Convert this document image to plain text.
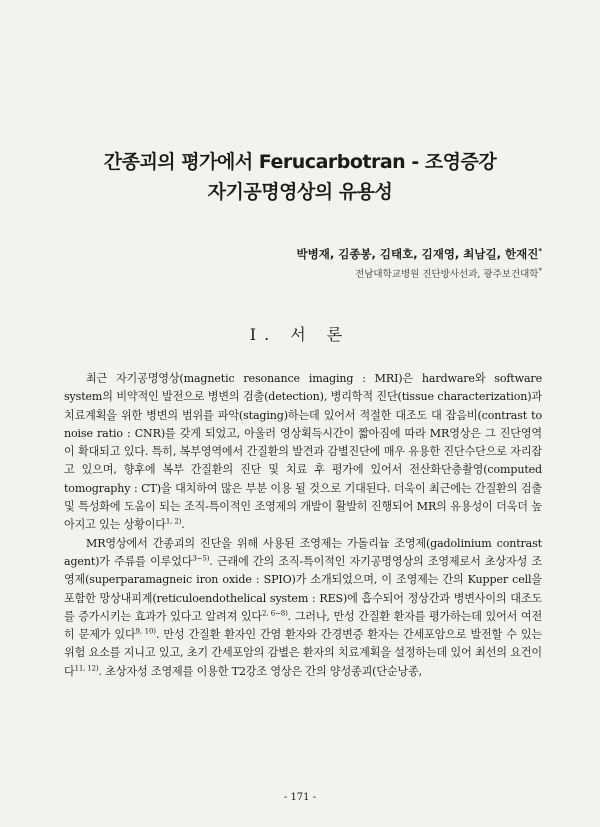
간종괴의 평가에서 Ferucarbotran - 조영증강
자기공명영상의 유용성
박병재, 김종봉, 김태호, 김재영, 최남길, 한재진*
전남대학교병원 진단방사선과, 광주보건대학*
I. 서 론

최근 자기공명영상(magnetic resonance imaging : MRI)은 hardware와 software system의 비약적인 발전으로 병변의 검출(detection), 병리학적 진단(tissue characterization)과 치료계획을 위한 병변의 범위를 파악(staging)하는데 있어서 적절한 대조도 대 잡음비(contrast to noise ratio : CNR)를 갖게 되었고, 아울러 영상획득시간이 짧아짐에 따라 MR영상은 그 진단영역이 확대되고 있다. 특히, 복부영역에서 간질환의 발견과 감별진단에 매우 유용한 진단수단으로 자리잡고 있으며, 향후에 복부 간질환의 진단 및 치료 후 평가에 있어서 전산화단층촬영(computed tomography : CT)을 대치하여 많은 부분 이용 될 것으로 기대된다. 더욱이 최근에는 간질환의 검출 및 특성화에 도움이 되는 조직-특이적인 조영제의 개발이 활발히 진행되어 MR의 유용성이 더욱더 높아지고 있는 상황이다$^{1, 2)}$.

MR영상에서 간종괴의 진단을 위해 사용된 조영제는 가돌리늄 조영제(gadolinium contrast agent)가 주류를 이루었다$^{3\sim 5)}$. 근래에 간의 조직-특이적인 자기공명영상의 조영제로서 초상자성 조영제(superparamagneic iron oxide : SPIO)가 소개되었으며, 이 조영제는 간의 Kupper cell을 포함한 망상내피계(reticuloendothelical system : RES)에 흡수되어 정상간과 병변사이의 대조도를 증가시키는 효과가 있다고 알려져 있다$^{2, 6\sim 8)}$. 그러나, 만성 간질환 환자를 평가하는데 있어서 여전히 문제가 있다$^{9, 10)}$. 만성 간질환 환자인 간염 환자와 간경변증 환자는 간세포암으로 발전할 수 있는 위험 요소를 지니고 있고, 초기 간세포암의 감별은 환자의 치료계획을 설정하는데 있어 최선의 요건이다$^{11, 12)}$. 초상자성 조영제를 이용한 T2강조 영상은 간의 양성종괴(단순낭종,

- 171 -
